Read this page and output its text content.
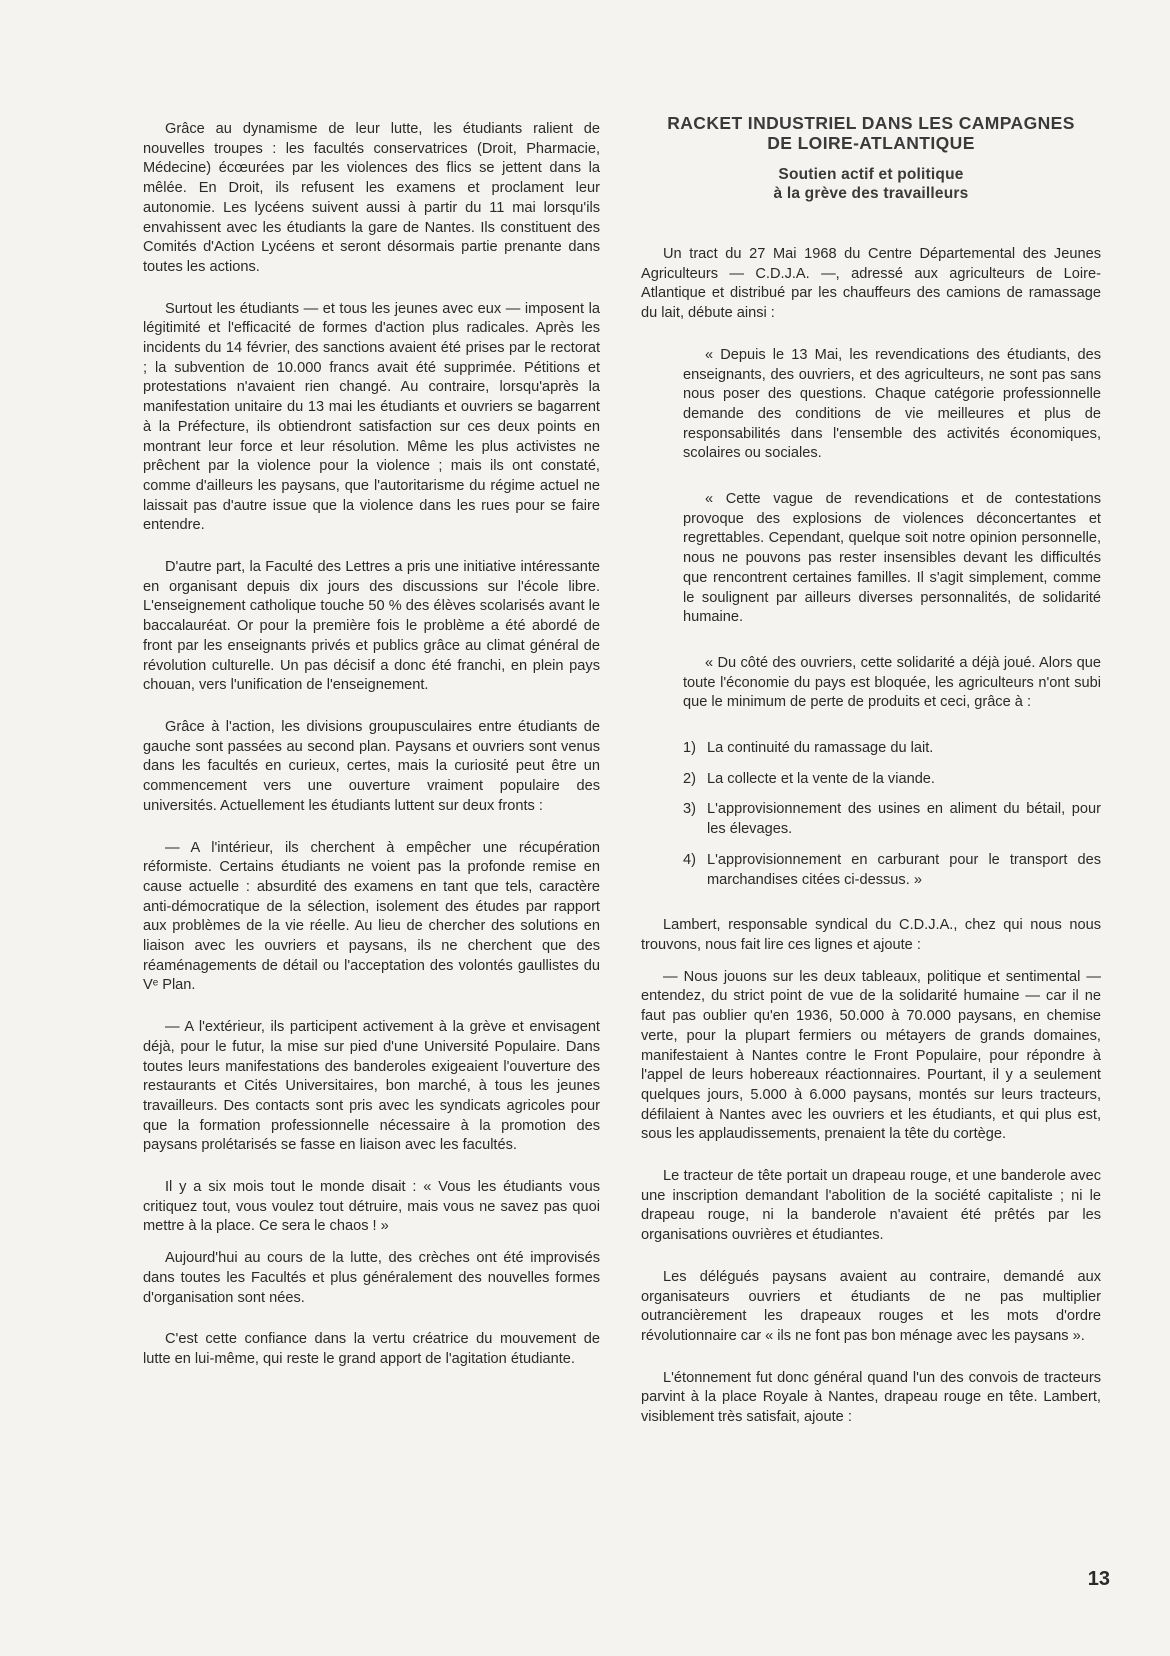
Grâce au dynamisme de leur lutte, les étudiants ralient de nouvelles troupes : les facultés conservatrices (Droit, Pharmacie, Médecine) écœurées par les violences des flics se jettent dans la mêlée. En Droit, ils refusent les examens et proclament leur autonomie. Les lycéens suivent aussi à partir du 11 mai lorsqu'ils envahissent avec les étudiants la gare de Nantes. Ils constituent des Comités d'Action Lycéens et seront désormais partie prenante dans toutes les actions.

Surtout les étudiants — et tous les jeunes avec eux — imposent la légitimité et l'efficacité de formes d'action plus radicales. Après les incidents du 14 février, des sanctions avaient été prises par le rectorat ; la subvention de 10.000 francs avait été supprimée. Pétitions et protestations n'avaient rien changé. Au contraire, lorsqu'après la manifestation unitaire du 13 mai les étudiants et ouvriers se bagarrent à la Préfecture, ils obtiendront satisfaction sur ces deux points en montrant leur force et leur résolution. Même les plus activistes ne prêchent par la violence pour la violence ; mais ils ont constaté, comme d'ailleurs les paysans, que l'autoritarisme du régime actuel ne laissait pas d'autre issue que la violence dans les rues pour se faire entendre.

D'autre part, la Faculté des Lettres a pris une initiative intéressante en organisant depuis dix jours des discussions sur l'école libre. L'enseignement catholique touche 50 % des élèves scolarisés avant le baccalauréat. Or pour la première fois le problème a été abordé de front par les enseignants privés et publics grâce au climat général de révolution culturelle. Un pas décisif a donc été franchi, en plein pays chouan, vers l'unification de l'enseignement.

Grâce à l'action, les divisions groupusculaires entre étudiants de gauche sont passées au second plan. Paysans et ouvriers sont venus dans les facultés en curieux, certes, mais la curiosité peut être un commencement vers une ouverture vraiment populaire des universités. Actuellement les étudiants luttent sur deux fronts :

— A l'intérieur, ils cherchent à empêcher une récupération réformiste. Certains étudiants ne voient pas la profonde remise en cause actuelle : absurdité des examens en tant que tels, caractère anti-démocratique de la sélection, isolement des études par rapport aux problèmes de la vie réelle. Au lieu de chercher des solutions en liaison avec les ouvriers et paysans, ils ne cherchent que des réaménagements de détail ou l'acceptation des volontés gaullistes du Vᵉ Plan.

— A l'extérieur, ils participent activement à la grève et envisagent déjà, pour le futur, la mise sur pied d'une Université Populaire. Dans toutes leurs manifestations des banderoles exigeaient l'ouverture des restaurants et Cités Universitaires, bon marché, à tous les jeunes travailleurs. Des contacts sont pris avec les syndicats agricoles pour que la formation professionnelle nécessaire à la promotion des paysans prolétarisés se fasse en liaison avec les facultés.

Il y a six mois tout le monde disait : « Vous les étudiants vous critiquez tout, vous voulez tout détruire, mais vous ne savez pas quoi mettre à la place. Ce sera le chaos ! »

Aujourd'hui au cours de la lutte, des crèches ont été improvisés dans toutes les Facultés et plus généralement des nouvelles formes d'organisation sont nées.

C'est cette confiance dans la vertu créatrice du mouvement de lutte en lui-même, qui reste le grand apport de l'agitation étudiante.

RACKET INDUSTRIEL DANS LES CAMPAGNES
DE LOIRE-ATLANTIQUE
Soutien actif et politique
à la grève des travailleurs

Un tract du 27 Mai 1968 du Centre Départemental des Jeunes Agriculteurs — C.D.J.A. —, adressé aux agriculteurs de Loire-Atlantique et distribué par les chauffeurs des camions de ramassage du lait, débute ainsi :

« Depuis le 13 Mai, les revendications des étudiants, des enseignants, des ouvriers, et des agriculteurs, ne sont pas sans nous poser des questions. Chaque catégorie professionnelle demande des conditions de vie meilleures et plus de responsabilités dans l'ensemble des activités économiques, scolaires ou sociales.

« Cette vague de revendications et de contestations provoque des explosions de violences déconcertantes et regrettables. Cependant, quelque soit notre opinion personnelle, nous ne pouvons pas rester insensibles devant les difficultés que rencontrent certaines familles. Il s'agit simplement, comme le soulignent par ailleurs diverses personnalités, de solidarité humaine.

« Du côté des ouvriers, cette solidarité a déjà joué. Alors que toute l'économie du pays est bloquée, les agriculteurs n'ont subi que le minimum de perte de produits et ceci, grâce à :

1) La continuité du ramassage du lait.
2) La collecte et la vente de la viande.
3) L'approvisionnement des usines en aliment du bétail, pour les élevages.
4) L'approvisionnement en carburant pour le transport des marchandises citées ci-dessus. »

Lambert, responsable syndical du C.D.J.A., chez qui nous nous trouvons, nous fait lire ces lignes et ajoute :

— Nous jouons sur les deux tableaux, politique et sentimental — entendez, du strict point de vue de la solidarité humaine — car il ne faut pas oublier qu'en 1936, 50.000 à 70.000 paysans, en chemise verte, pour la plupart fermiers ou métayers de grands domaines, manifestaient à Nantes contre le Front Populaire, pour répondre à l'appel de leurs hobereaux réactionnaires. Pourtant, il y a seulement quelques jours, 5.000 à 6.000 paysans, montés sur leurs tracteurs, défilaient à Nantes avec les ouvriers et les étudiants, et qui plus est, sous les applaudissements, prenaient la tête du cortège.

Le tracteur de tête portait un drapeau rouge, et une banderole avec une inscription demandant l'abolition de la société capitaliste ; ni le drapeau rouge, ni la banderole n'avaient été prêtés par les organisations ouvrières et étudiantes.

Les délégués paysans avaient au contraire, demandé aux organisateurs ouvriers et étudiants de ne pas multiplier outrancièrement les drapeaux rouges et les mots d'ordre révolutionnaire car « ils ne font pas bon ménage avec les paysans ».

L'étonnement fut donc général quand l'un des convois de tracteurs parvint à la place Royale à Nantes, drapeau rouge en tête. Lambert, visiblement très satisfait, ajoute :

13
